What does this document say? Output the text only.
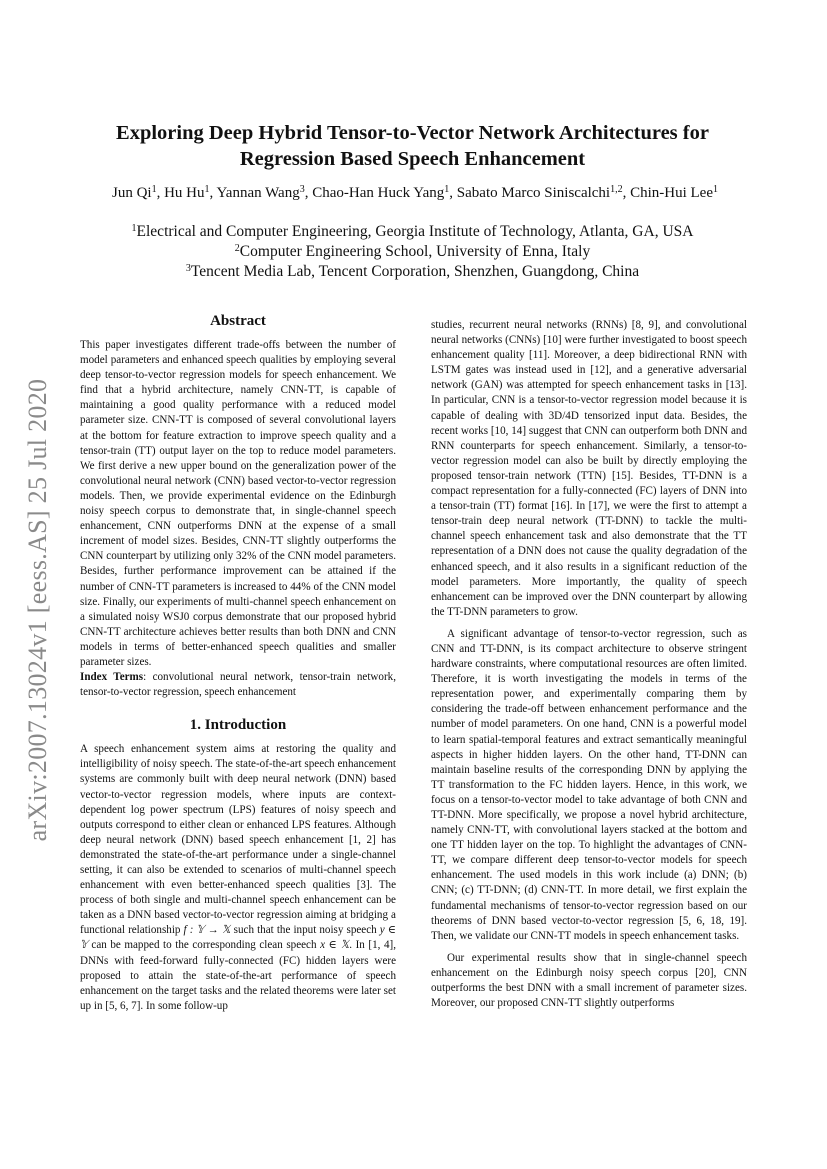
arXiv:2007.13024v1 [eess.AS] 25 Jul 2020
Exploring Deep Hybrid Tensor-to-Vector Network Architectures for
Regression Based Speech Enhancement
Jun Qi$^1$, Hu Hu$^1$, Yannan Wang$^3$, Chao-Han Huck Yang$^1$, Sabato Marco Siniscalchi$^{1,2}$, Chin-Hui Lee$^1$
$^1$Electrical and Computer Engineering, Georgia Institute of Technology, Atlanta, GA, USA
$^2$Computer Engineering School, University of Enna, Italy
$^3$Tencent Media Lab, Tencent Corporation, Shenzhen, Guangdong, China
Abstract

This paper investigates different trade-offs between the number of model parameters and enhanced speech qualities by employing several deep tensor-to-vector regression models for speech enhancement. We find that a hybrid architecture, namely CNN-TT, is capable of maintaining a good quality performance with a reduced model parameter size. CNN-TT is composed of several convolutional layers at the bottom for feature extraction to improve speech quality and a tensor-train (TT) output layer on the top to reduce model parameters. We first derive a new upper bound on the generalization power of the convolutional neural network (CNN) based vector-to-vector regression models. Then, we provide experimental evidence on the Edinburgh noisy speech corpus to demonstrate that, in single-channel speech enhancement, CNN outperforms DNN at the expense of a small increment of model sizes. Besides, CNN-TT slightly outperforms the CNN counterpart by utilizing only 32% of the CNN model parameters. Besides, further performance improvement can be attained if the number of CNN-TT parameters is increased to 44% of the CNN model size. Finally, our experiments of multi-channel speech enhancement on a simulated noisy WSJ0 corpus demonstrate that our proposed hybrid CNN-TT architecture achieves better results than both DNN and CNN models in terms of better-enhanced speech qualities and smaller parameter sizes.

Index Terms: convolutional neural network, tensor-train network, tensor-to-vector regression, speech enhancement

1. Introduction

A speech enhancement system aims at restoring the quality and intelligibility of noisy speech. The state-of-the-art speech enhancement systems are commonly built with deep neural network (DNN) based vector-to-vector regression models, where inputs are context-dependent log power spectrum (LPS) features of noisy speech and outputs correspond to either clean or enhanced LPS features. Although deep neural network (DNN) based speech enhancement [1, 2] has demonstrated the state-of-the-art performance under a single-channel setting, it can also be extended to scenarios of multi-channel speech enhancement with even better-enhanced speech qualities [3]. The process of both single and multi-channel speech enhancement can be taken as a DNN based vector-to-vector regression aiming at bridging a functional relationship f : 𝕐 → 𝕏 such that the input noisy speech y ∈ 𝕐 can be mapped to the corresponding clean speech x ∈ 𝕏. In [1, 4], DNNs with feed-forward fully-connected (FC) hidden layers were proposed to attain the state-of-the-art performance of speech enhancement on the target tasks and the related theorems were later set up in [5, 6, 7]. In some follow-up

studies, recurrent neural networks (RNNs) [8, 9], and convolutional neural networks (CNNs) [10] were further investigated to boost speech enhancement quality [11]. Moreover, a deep bidirectional RNN with LSTM gates was instead used in [12], and a generative adversarial network (GAN) was attempted for speech enhancement tasks in [13]. In particular, CNN is a tensor-to-vector regression model because it is capable of dealing with 3D/4D tensorized input data. Besides, the recent works [10, 14] suggest that CNN can outperform both DNN and RNN counterparts for speech enhancement. Similarly, a tensor-to-vector regression model can also be built by directly employing the proposed tensor-train network (TTN) [15]. Besides, TT-DNN is a compact representation for a fully-connected (FC) layers of DNN into a tensor-train (TT) format [16]. In [17], we were the first to attempt a tensor-train deep neural network (TT-DNN) to tackle the multi-channel speech enhancement task and also demonstrate that the TT representation of a DNN does not cause the quality degradation of the enhanced speech, and it also results in a significant reduction of the model parameters. More importantly, the quality of speech enhancement can be improved over the DNN counterpart by allowing the TT-DNN parameters to grow.

A significant advantage of tensor-to-vector regression, such as CNN and TT-DNN, is its compact architecture to observe stringent hardware constraints, where computational resources are often limited. Therefore, it is worth investigating the models in terms of the representation power, and experimentally comparing them by considering the trade-off between enhancement performance and the number of model parameters. On one hand, CNN is a powerful model to learn spatial-temporal features and extract semantically meaningful aspects in higher hidden layers. On the other hand, TT-DNN can maintain baseline results of the corresponding DNN by applying the TT transformation to the FC hidden layers. Hence, in this work, we focus on a tensor-to-vector model to take advantage of both CNN and TT-DNN. More specifically, we propose a novel hybrid architecture, namely CNN-TT, with convolutional layers stacked at the bottom and one TT hidden layer on the top. To highlight the advantages of CNN-TT, we compare different deep tensor-to-vector models for speech enhancement. The used models in this work include (a) DNN; (b) CNN; (c) TT-DNN; (d) CNN-TT. In more detail, we first explain the fundamental mechanisms of tensor-to-vector regression based on our theorems of DNN based vector-to-vector regression [5, 6, 18, 19]. Then, we validate our CNN-TT models in speech enhancement tasks.

Our experimental results show that in single-channel speech enhancement on the Edinburgh noisy speech corpus [20], CNN outperforms the best DNN with a small increment of parameter sizes. Moreover, our proposed CNN-TT slightly outperforms
